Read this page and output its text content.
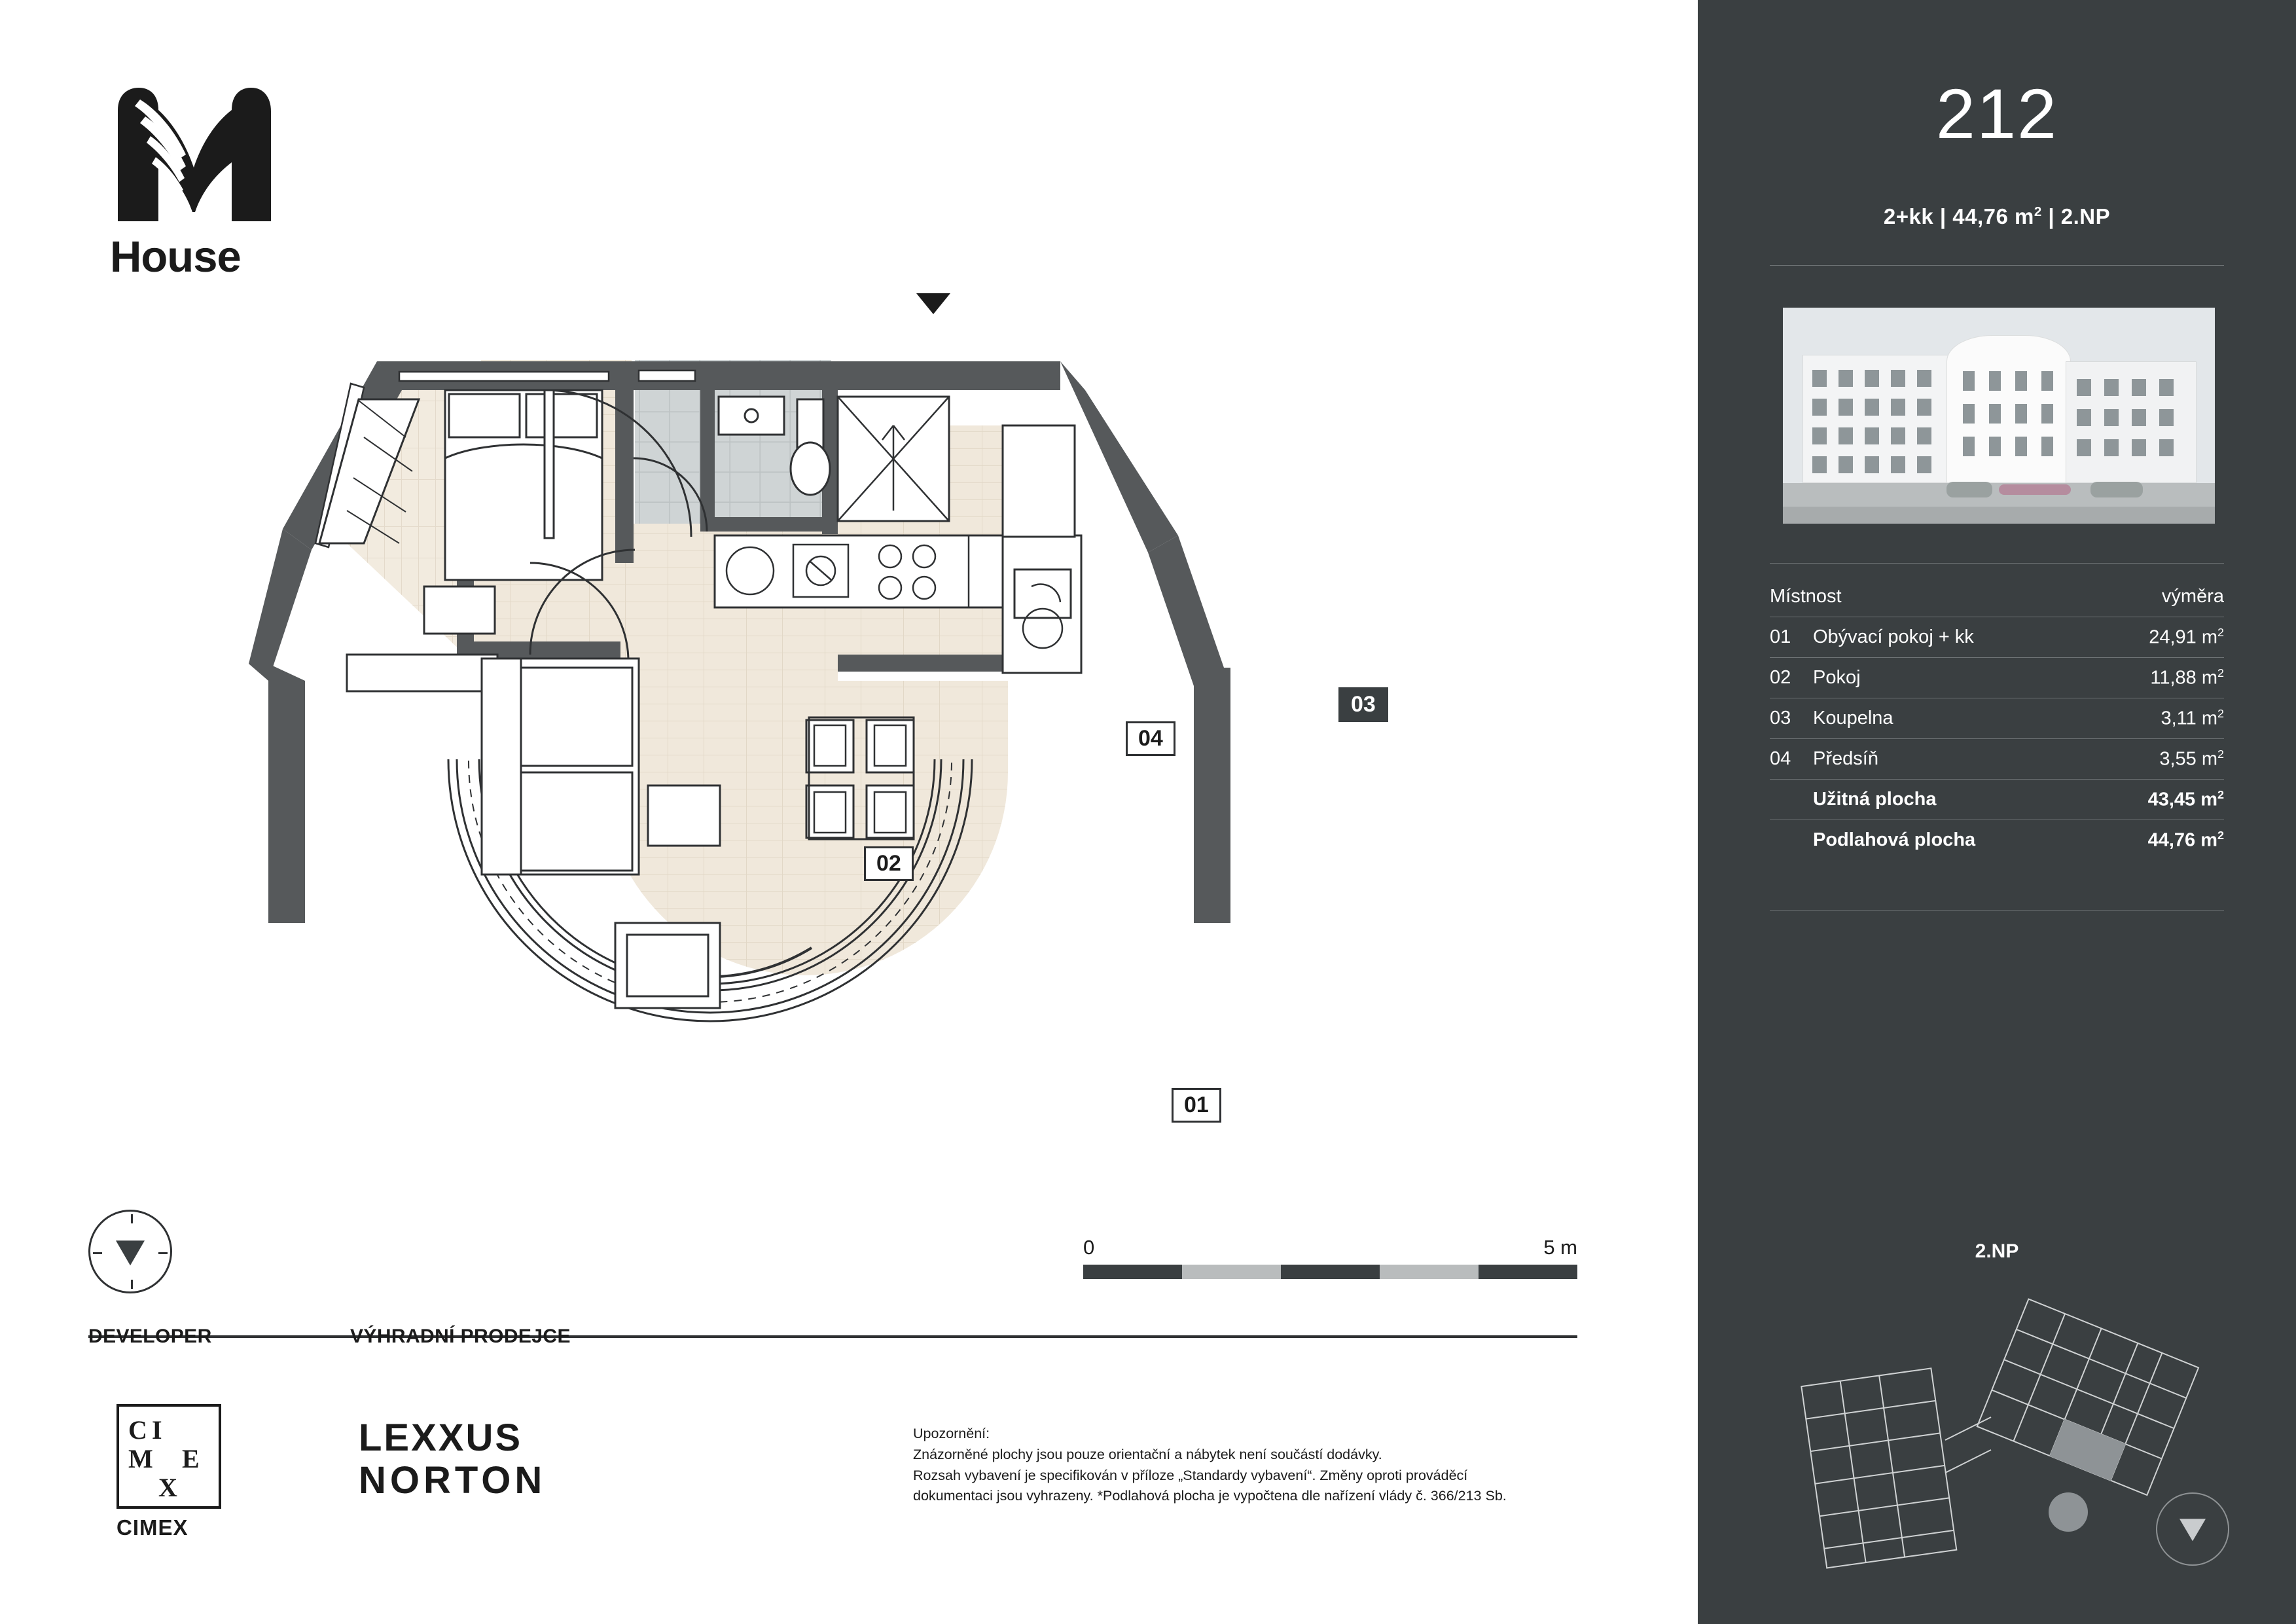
House
01
02
03
04
0	5 m
DEVELOPER	VÝHRADNÍ PRODEJCE
C I
M E
X
CIMEX
LEXXUS
NORTON
Upozornění:
Znázorněné plochy jsou pouze orientační a nábytek není součástí dodávky.
Rozsah vybavení je specifikován v příloze „Standardy vybavení“. Změny oproti prováděcí
dokumentaci jsou vyhrazeny. *Podlahová plocha je vypočtena dle nařízení vlády č. 366/213 Sb.
212
2+kk | 44,76 $m^2$ | 2.NP
Místnost	výměra
01	Obývací pokoj + kk	24,91 $m^2$
02	Pokoj	11,88 $m^2$
03	Koupelna	3,11 $m^2$
04	Předsíň	3,55 $m^2$
Užitná plocha	43,45 $m^2$
Podlahová plocha	44,76 $m^2$
2.NP
